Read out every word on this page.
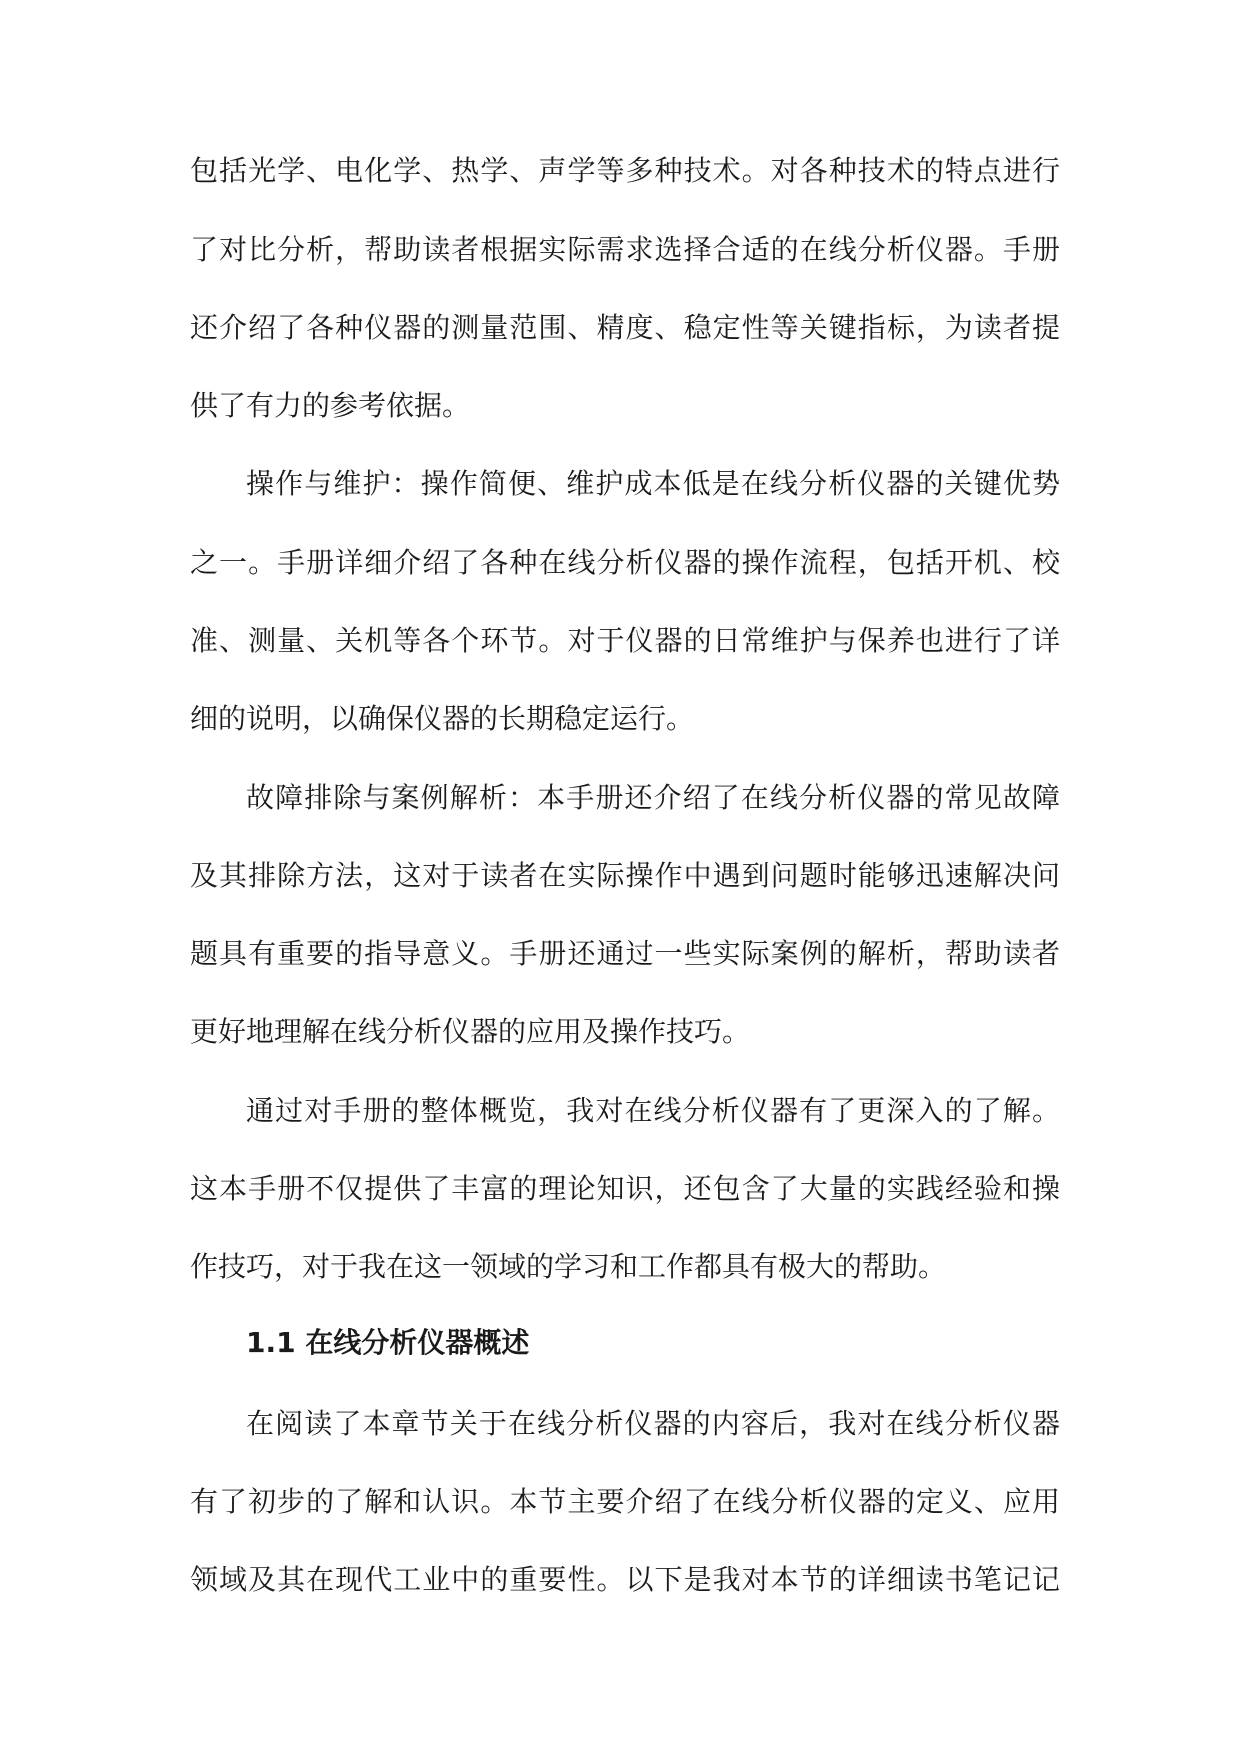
包括光学、电化学、热学、声学等多种技术。对各种技术的特点进行
了对比分析，帮助读者根据实际需求选择合适的在线分析仪器。手册
还介绍了各种仪器的测量范围、精度、稳定性等关键指标，为读者提
供了有力的参考依据。
操作与维护：操作简便、维护成本低是在线分析仪器的关键优势
之一。手册详细介绍了各种在线分析仪器的操作流程，包括开机、校
准、测量、关机等各个环节。对于仪器的日常维护与保养也进行了详
细的说明，以确保仪器的长期稳定运行。
故障排除与案例解析：本手册还介绍了在线分析仪器的常见故障
及其排除方法，这对于读者在实际操作中遇到问题时能够迅速解决问
题具有重要的指导意义。手册还通过一些实际案例的解析，帮助读者
更好地理解在线分析仪器的应用及操作技巧。
通过对手册的整体概览，我对在线分析仪器有了更深入的了解。
这本手册不仅提供了丰富的理论知识，还包含了大量的实践经验和操
作技巧，对于我在这一领域的学习和工作都具有极大的帮助。
1.1 在线分析仪器概述
在阅读了本章节关于在线分析仪器的内容后，我对在线分析仪器
有了初步的了解和认识。本节主要介绍了在线分析仪器的定义、应用
领域及其在现代工业中的重要性。以下是我对本节的详细读书笔记记
